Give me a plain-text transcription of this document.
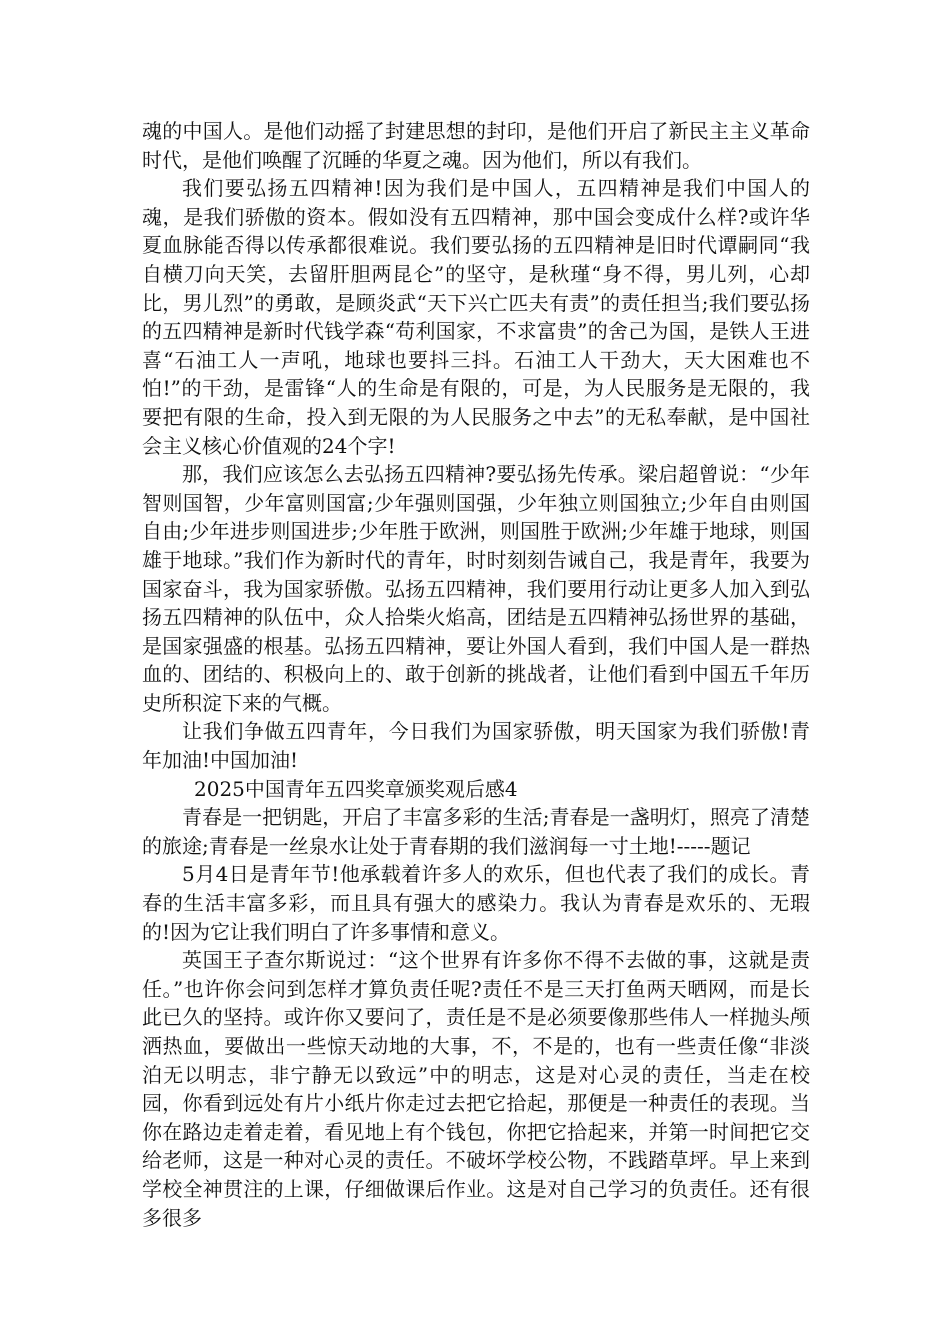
魂的中国人。是他们动摇了封建思想的封印，是他们开启了新民主主义革命时代，是他们唤醒了沉睡的华夏之魂。因为他们，所以有我们。

我们要弘扬五四精神!因为我们是中国人，五四精神是我们中国人的魂，是我们骄傲的资本。假如没有五四精神，那中国会变成什么样?或许华夏血脉能否得以传承都很难说。我们要弘扬的五四精神是旧时代谭嗣同“我自横刀向天笑，去留肝胆两昆仑”的坚守，是秋瑾“身不得，男儿列，心却比，男儿烈”的勇敢，是顾炎武“天下兴亡匹夫有责”的责任担当;我们要弘扬的五四精神是新时代钱学森“苟利国家，不求富贵”的舍己为国，是铁人王进喜“石油工人一声吼，地球也要抖三抖。石油工人干劲大，天大困难也不怕!”的干劲，是雷锋“人的生命是有限的，可是，为人民服务是无限的，我要把有限的生命，投入到无限的为人民服务之中去”的无私奉献，是中国社会主义核心价值观的24个字!

那，我们应该怎么去弘扬五四精神?要弘扬先传承。梁启超曾说：“少年智则国智，少年富则国富;少年强则国强，少年独立则国独立;少年自由则国自由;少年进步则国进步;少年胜于欧洲，则国胜于欧洲;少年雄于地球，则国雄于地球。”我们作为新时代的青年，时时刻刻告诫自己，我是青年，我要为国家奋斗，我为国家骄傲。弘扬五四精神，我们要用行动让更多人加入到弘扬五四精神的队伍中，众人拾柴火焰高，团结是五四精神弘扬世界的基础，是国家强盛的根基。弘扬五四精神，要让外国人看到，我们中国人是一群热血的、团结的、积极向上的、敢于创新的挑战者，让他们看到中国五千年历史所积淀下来的气概。

让我们争做五四青年，今日我们为国家骄傲，明天国家为我们骄傲!青年加油!中国加油!

2025中国青年五四奖章颁奖观后感4

青春是一把钥匙，开启了丰富多彩的生活;青春是一盏明灯，照亮了清楚的旅途;青春是一丝泉水让处于青春期的我们滋润每一寸土地!-----题记

5月4日是青年节!他承载着许多人的欢乐，但也代表了我们的成长。青春的生活丰富多彩，而且具有强大的感染力。我认为青春是欢乐的、无瑕的!因为它让我们明白了许多事情和意义。

英国王子查尔斯说过：“这个世界有许多你不得不去做的事，这就是责任。”也许你会问到怎样才算负责任呢?责任不是三天打鱼两天晒网，而是长此已久的坚持。或许你又要问了，责任是不是必须要像那些伟人一样抛头颅洒热血，要做出一些惊天动地的大事，不，不是的，也有一些责任像“非淡泊无以明志，非宁静无以致远”中的明志，这是对心灵的责任，当走在校园，你看到远处有片小纸片你走过去把它拾起，那便是一种责任的表现。当你在路边走着走着，看见地上有个钱包，你把它拾起来，并第一时间把它交给老师，这是一种对心灵的责任。不破坏学校公物，不践踏草坪。早上来到学校全神贯注的上课，仔细做课后作业。这是对自己学习的负责任。还有很多很多
